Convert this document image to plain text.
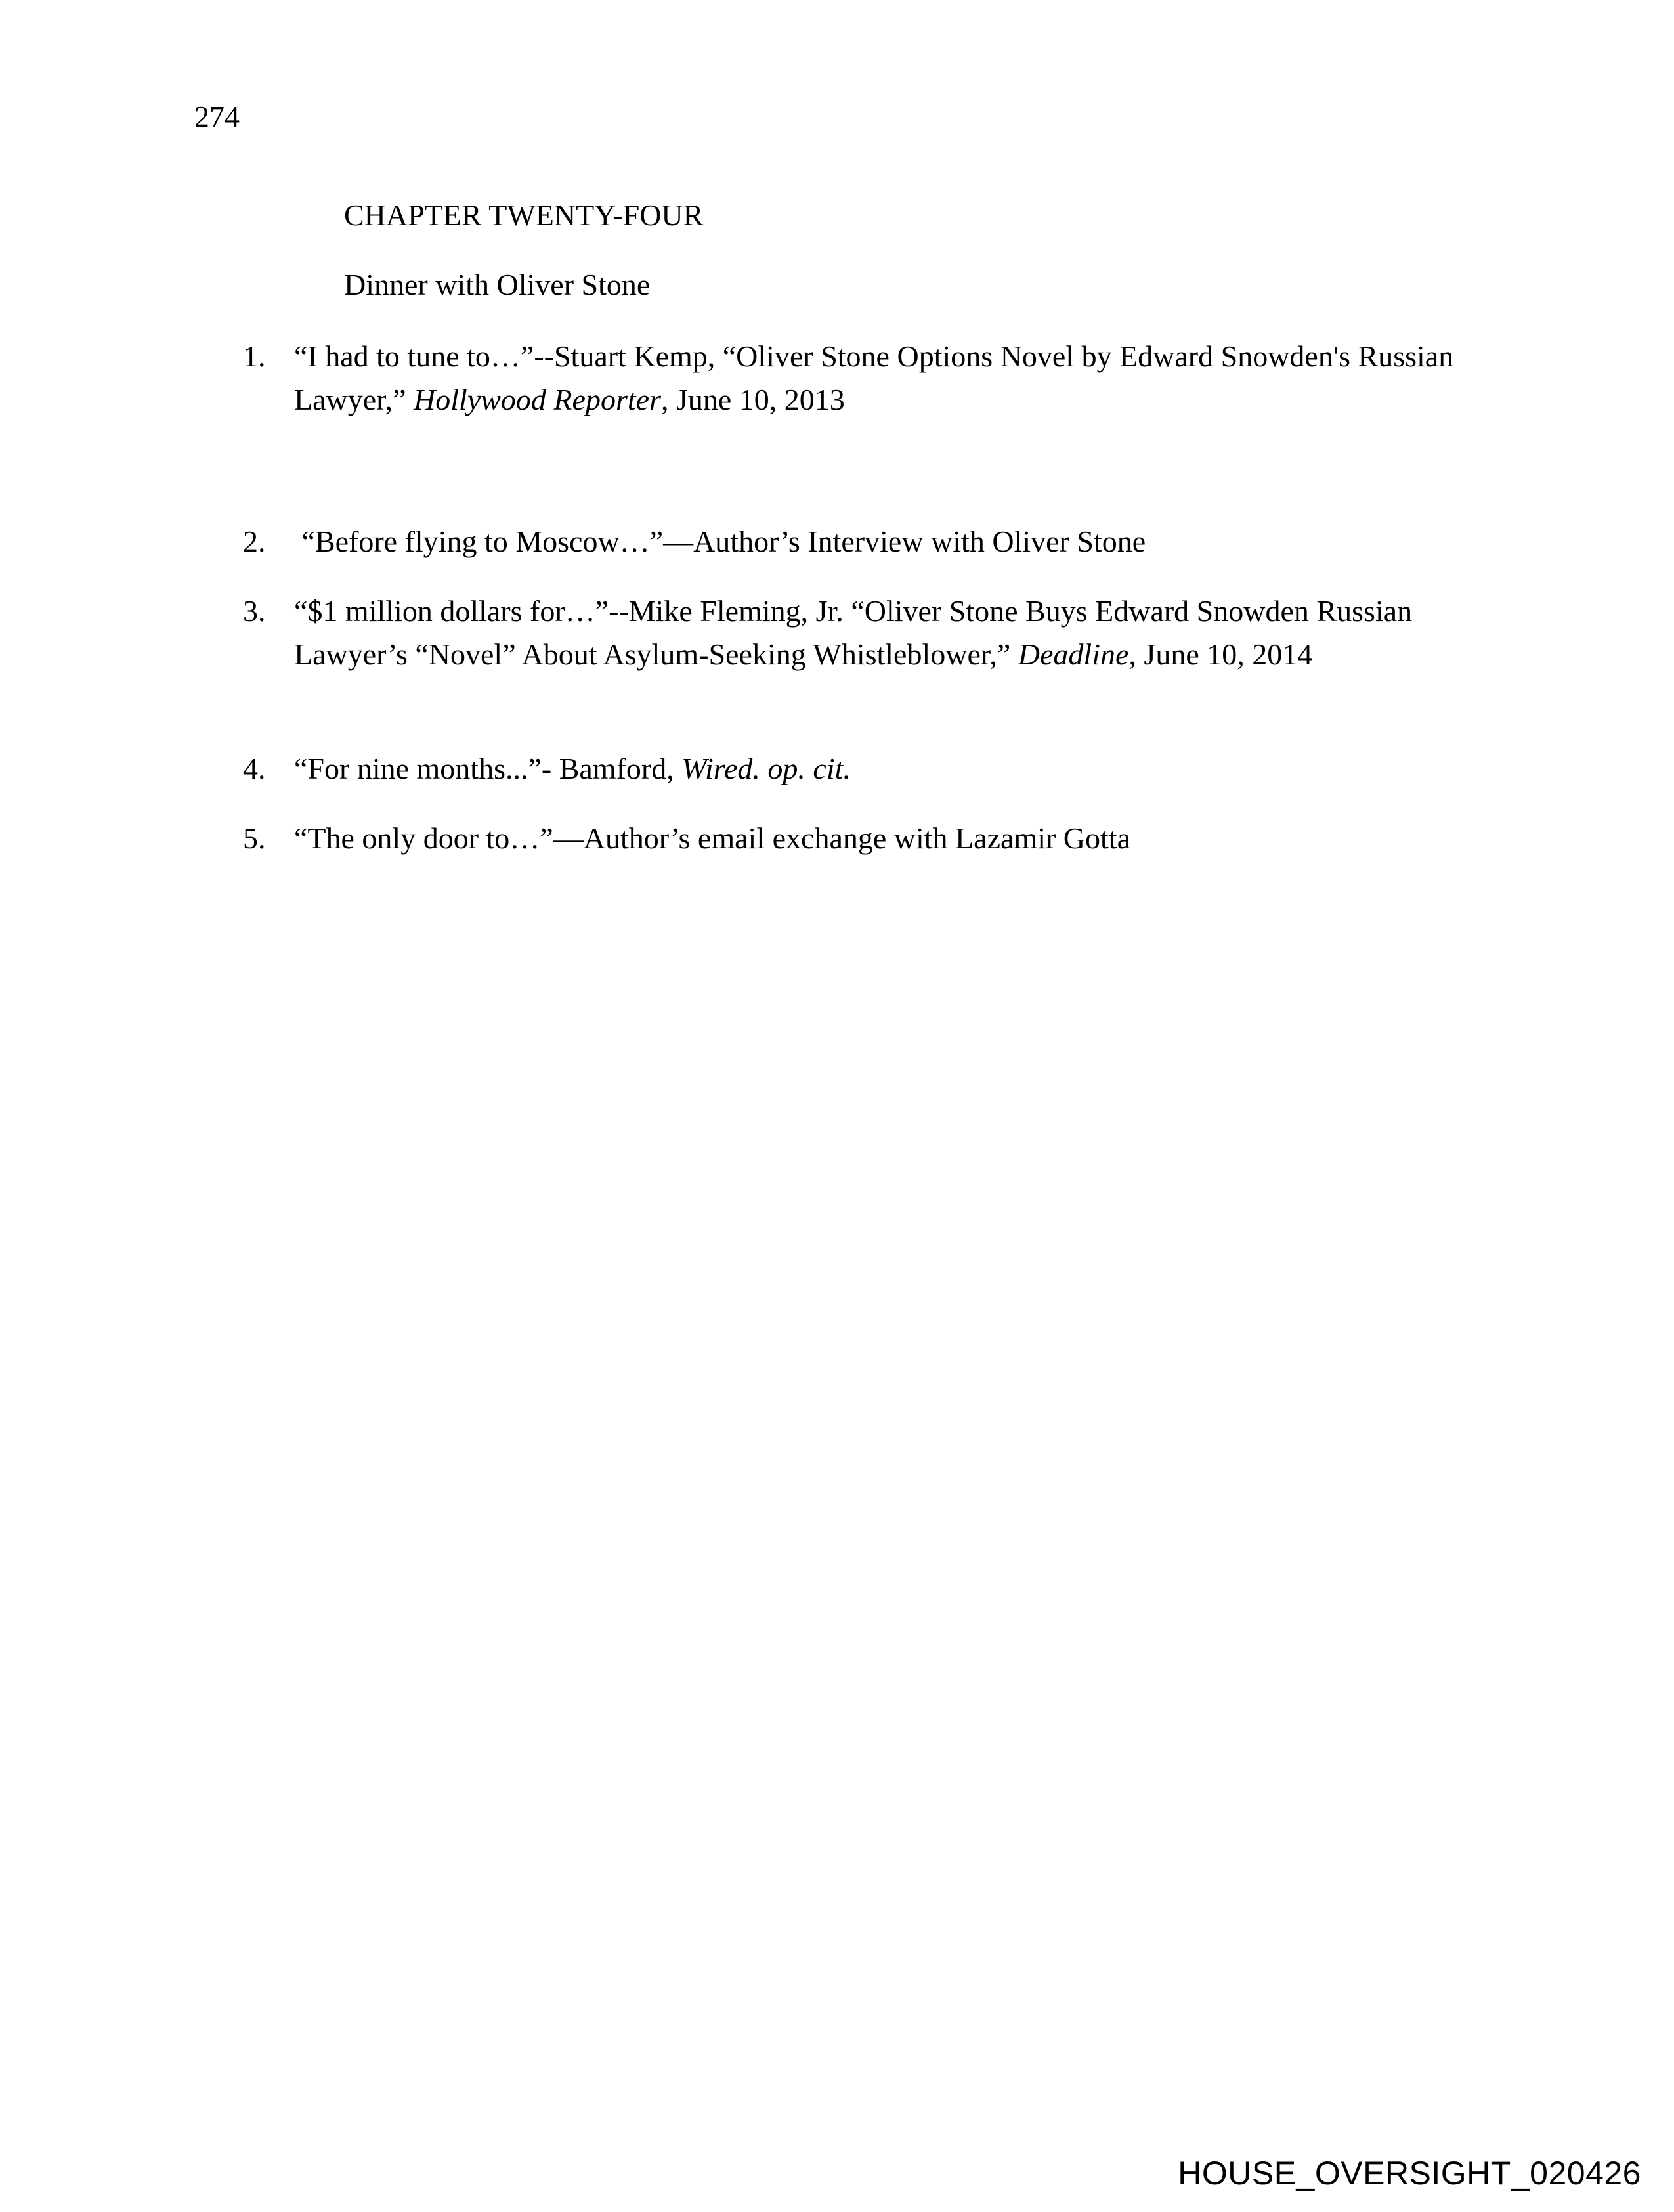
274
CHAPTER TWENTY-FOUR
Dinner with Oliver Stone
1. “I had to tune to…”--Stuart Kemp, “Oliver Stone Options Novel by Edward Snowden's Russian Lawyer,” Hollywood Reporter, June 10, 2013
2. “Before flying to Moscow…”—Author’s Interview with Oliver Stone
3. “$1 million dollars for…”--Mike Fleming, Jr. “Oliver Stone Buys Edward Snowden Russian Lawyer’s “Novel” About Asylum-Seeking Whistleblower,” Deadline, June 10, 2014
4. “For nine months...”- Bamford, Wired. op. cit.
5. “The only door to…”—Author’s email exchange with Lazamir Gotta
HOUSE_OVERSIGHT_020426
